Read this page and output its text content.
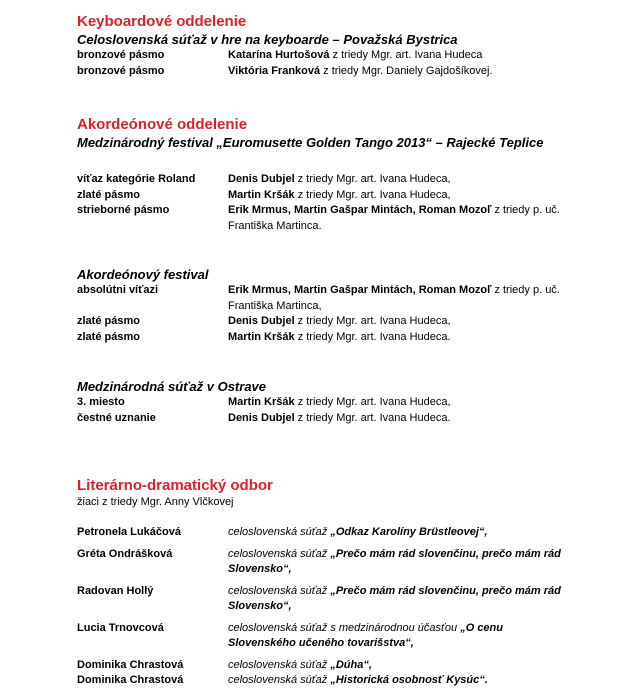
Keyboardové oddelenie
Celoslovenská súťaž v hre na keyboarde – Považská Bystrica
bronzové pásmo	Katarína Hurtošová z triedy Mgr. art. Ivana Hudeca
bronzové pásmo	Viktória Franková z triedy Mgr. Daniely Gajdošíkovej.
Akordeónové oddelenie
Medzinárodný festival „Euromusette Golden Tango 2013“ – Rajecké Teplice
víťaz kategórie Roland	Denis Dubjel z triedy Mgr. art. Ivana Hudeca,
zlaté pásmo	Martin Kršák z triedy Mgr. art. Ivana Hudeca,
strieborné pásmo	Erik Mrmus, Martin Gašpar Mintách, Roman Mozoľ z triedy p. uč. Františka Martinca.
Akordeónový festival
absolútni víťazi	Erik Mrmus, Martin Gašpar Mintách, Roman Mozoľ z triedy p. uč. Františka Martinca,
zlaté pásmo	Denis Dubjel z triedy Mgr. art. Ivana Hudeca,
zlaté pásmo	Martin Kršák z triedy Mgr. art. Ivana Hudeca.
Medzinárodná súťaž v Ostrave
3. miesto	Martin Kršák z triedy Mgr. art. Ivana Hudeca,
čestné uznanie	Denis Dubjel z triedy Mgr. art. Ivana Hudeca.
Literárno-dramatický odbor
žiaci z triedy Mgr. Anny Vlčkovej
Petronela Lukáčová	celoslovenská súťaž „Odkaz Karolíny Brüstleovej“,
Gréta Ondrášková	celoslovenská súťaž „Prečo mám rád slovenčinu, prečo mám rád Slovensko“,
Radovan Hollý	celoslovenská súťaž „Prečo mám rád slovenčinu, prečo mám rád Slovensko“,
Lucia Trnovcová	celoslovenská súťaž s medzinárodnou účasťou „O cenu Slovenského učeného tovarišstva“,
Dominika Chrastová	celoslovenská súťaž „Dúha“,
Dominika Chrastová	celoslovenská súťaž „Historická osobnosť Kysúc“.
